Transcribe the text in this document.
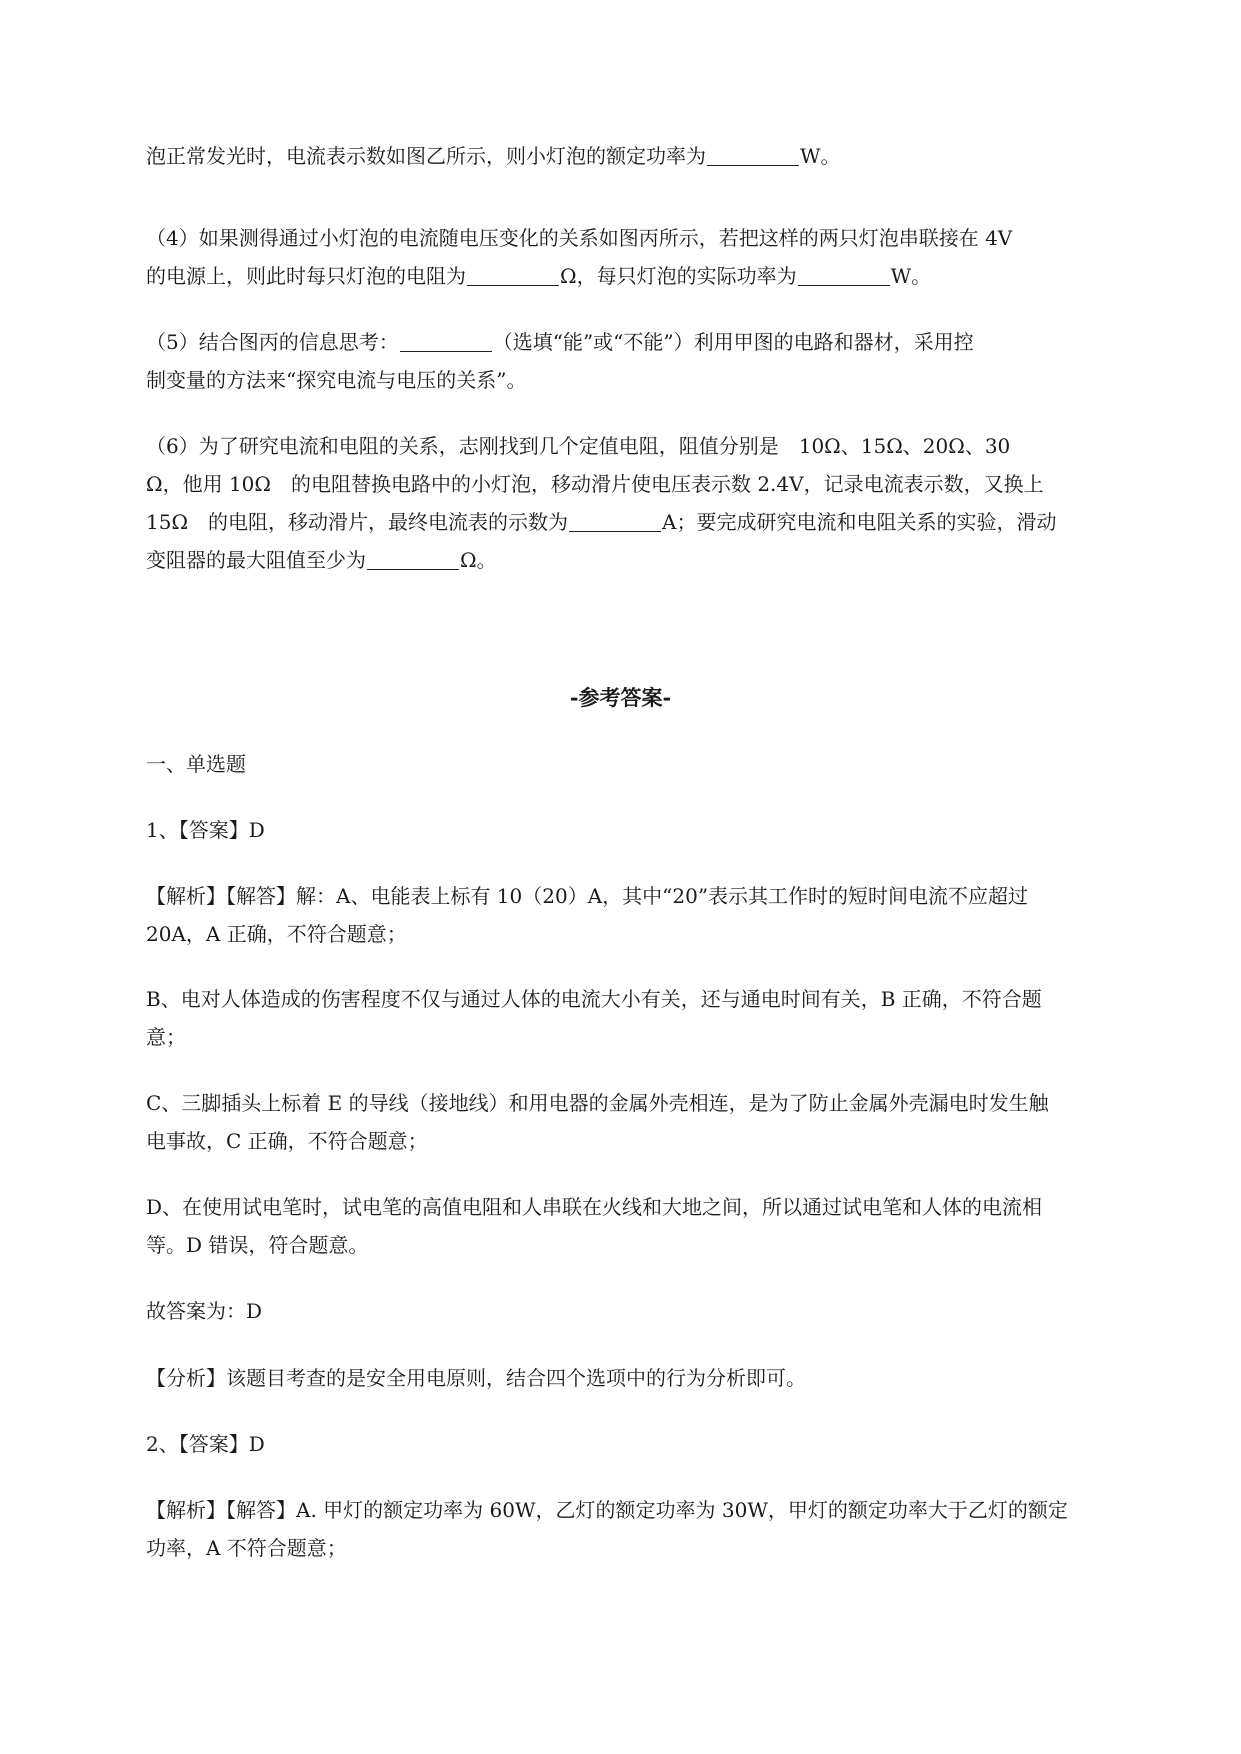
泡正常发光时，电流表示数如图乙所示，则小灯泡的额定功率为	W。
（4）如果测得通过小灯泡的电流随电压变化的关系如图丙所示，若把这样的两只灯泡串联接在 4V
的电源上，则此时每只灯泡的电阻为	Ω，每只灯泡的实际功率为	W。
（5）结合图丙的信息思考：	（选填“能”或“不能”）利用甲图的电路和器材，采用控
制变量的方法来“探究电流与电压的关系”。
（6）为了研究电流和电阻的关系，志刚找到几个定值电阻，阻值分别是　10Ω、15Ω、20Ω、30
Ω，他用 10Ω　的电阻替换电路中的小灯泡，移动滑片使电压表示数 2.4V，记录电流表示数，又换上
15Ω　的电阻，移动滑片，最终电流表的示数为	A；要完成研究电流和电阻关系的实验，滑动
变阻器的最大阻值至少为	Ω。
-参考答案-
一、单选题
1、【答案】D
【解析】【解答】解：A、电能表上标有 10（20）A，其中“20”表示其工作时的短时间电流不应超过
20A，A 正确，不符合题意；
B、电对人体造成的伤害程度不仅与通过人体的电流大小有关，还与通电时间有关，B 正确，不符合题
意；
C、三脚插头上标着 E 的导线（接地线）和用电器的金属外壳相连，是为了防止金属外壳漏电时发生触
电事故，C 正确，不符合题意；
D、在使用试电笔时，试电笔的高值电阻和人串联在火线和大地之间，所以通过试电笔和人体的电流相
等。D 错误，符合题意。
故答案为：D
【分析】该题目考查的是安全用电原则，结合四个选项中的行为分析即可。
2、【答案】D
【解析】【解答】A. 甲灯的额定功率为 60W，乙灯的额定功率为 30W，甲灯的额定功率大于乙灯的额定
功率，A 不符合题意；
